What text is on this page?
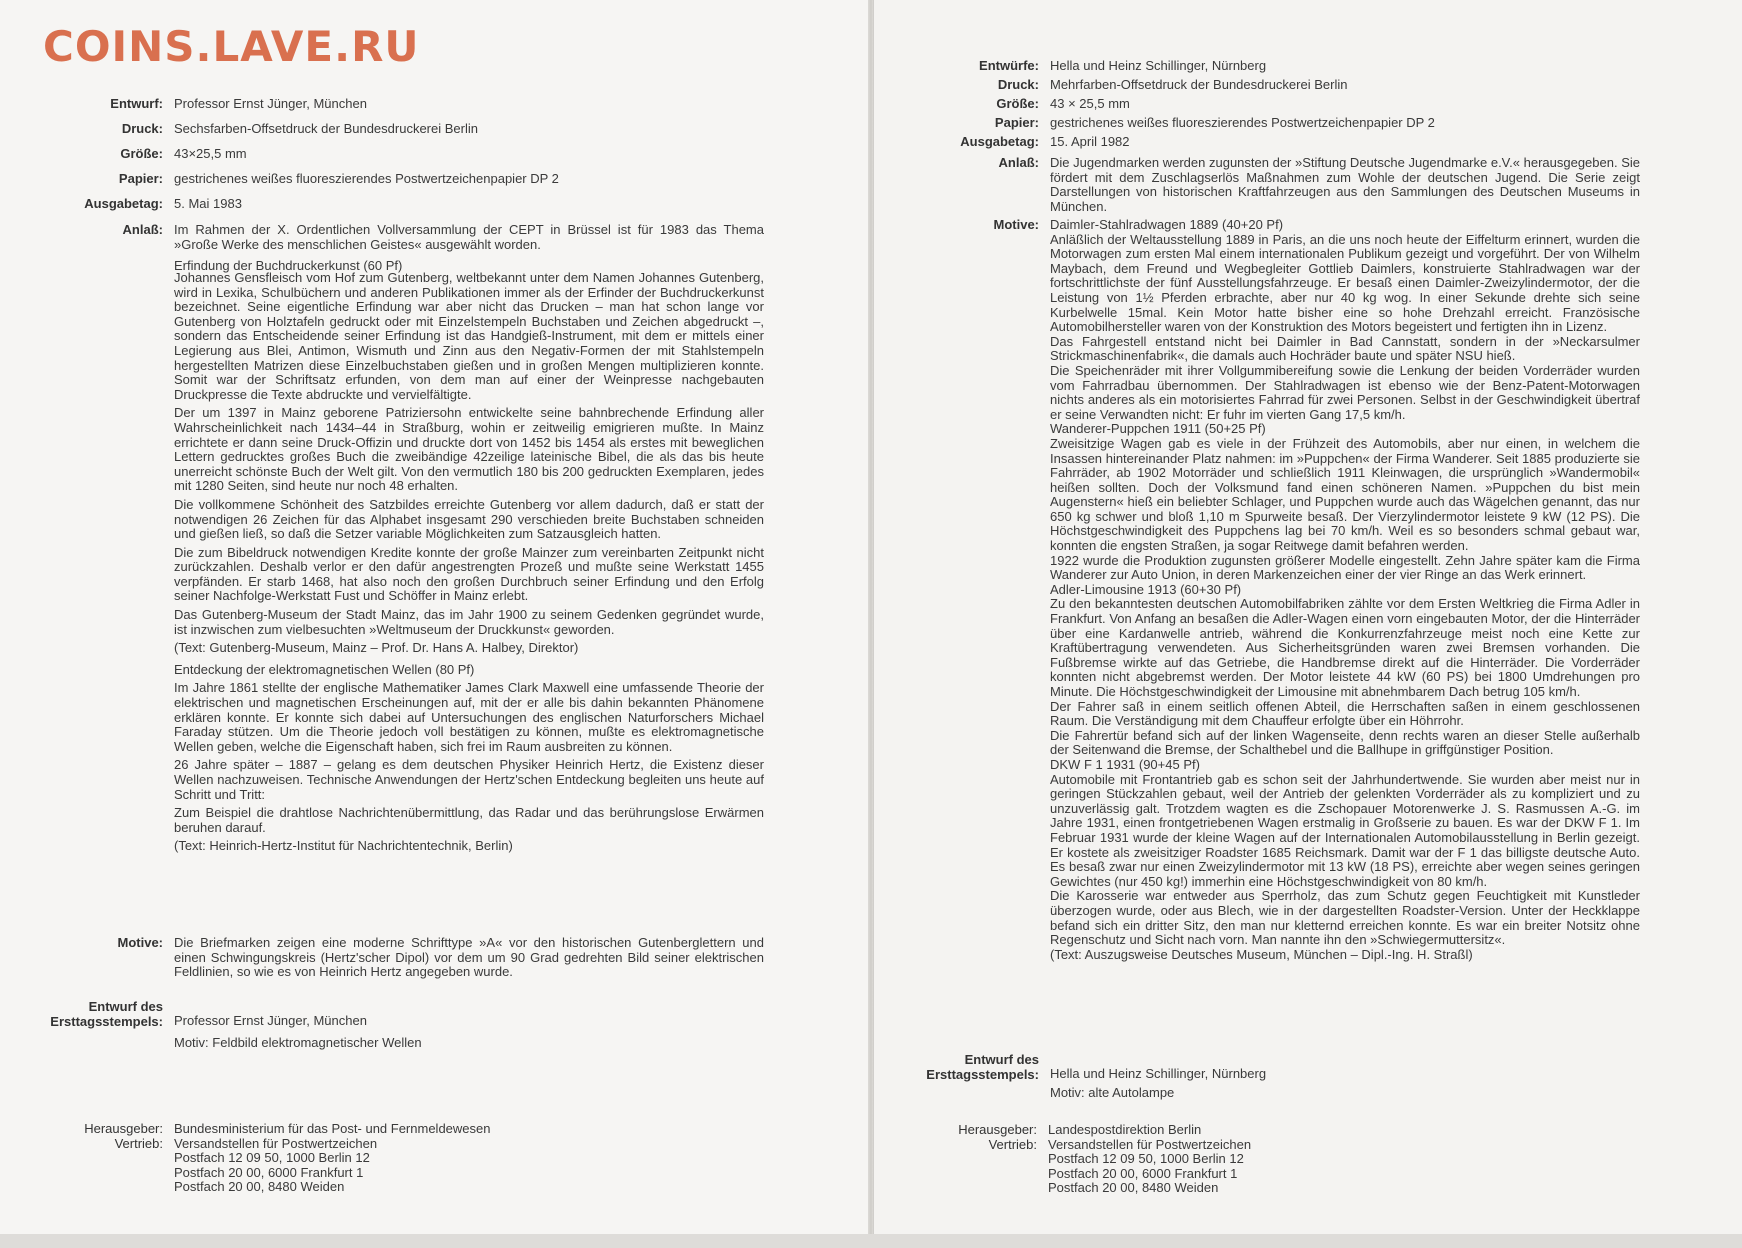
COINS.LAVE.RU
Entwurf: Professor Ernst Jünger, München
Druck: Sechsfarben-Offsetdruck der Bundesdruckerei Berlin
Größe: 43×25,5 mm
Papier: gestrichenes weißes fluoreszierendes Postwertzeichenpapier DP 2
Ausgabetag: 5. Mai 1983
Anlaß: Im Rahmen der X. Ordentlichen Vollversammlung der CEPT in Brüssel ist für 1983 das Thema »Große Werke des menschlichen Geistes« ausgewählt worden.

Erfindung der Buchdruckerkunst (60 Pf)

Johannes Gensfleisch vom Hof zum Gutenberg, weltbekannt unter dem Namen Johannes Gutenberg, wird in Lexika, Schulbüchern und anderen Publikationen immer als der Erfinder der Buchdruckerkunst bezeichnet. Seine eigentliche Erfindung war aber nicht das Drucken – man hat schon lange vor Gutenberg von Holztafeln gedruckt oder mit Einzelstempeln Buchstaben und Zeichen abgedruckt –, sondern das Entscheidende seiner Erfindung ist das Handgieß-Instrument, mit dem er mittels einer Legierung aus Blei, Antimon, Wismuth und Zinn aus den Negativ-Formen der mit Stahlstempeln hergestellten Matrizen diese Einzelbuchstaben gießen und in großen Mengen multiplizieren konnte. Somit war der Schriftsatz erfunden, von dem man auf einer der Weinpresse nachgebauten Druckpresse die Texte abdruckte und vervielfältigte.

Der um 1397 in Mainz geborene Patriziersohn entwickelte seine bahnbrechende Erfindung aller Wahrscheinlichkeit nach 1434–44 in Straßburg, wohin er zeitweilig emigrieren mußte. In Mainz errichtete er dann seine Druck-Offizin und druckte dort von 1452 bis 1454 als erstes mit beweglichen Lettern gedrucktes großes Buch die zweibändige 42zeilige lateinische Bibel, die als das bis heute unerreicht schönste Buch der Welt gilt. Von den vermutlich 180 bis 200 gedruckten Exemplaren, jedes mit 1280 Seiten, sind heute nur noch 48 erhalten.

Die vollkommene Schönheit des Satzbildes erreichte Gutenberg vor allem dadurch, daß er statt der notwendigen 26 Zeichen für das Alphabet insgesamt 290 verschieden breite Buchstaben schneiden und gießen ließ, so daß die Setzer variable Möglichkeiten zum Satzausgleich hatten.

Die zum Bibeldruck notwendigen Kredite konnte der große Mainzer zum vereinbarten Zeitpunkt nicht zurückzahlen. Deshalb verlor er den dafür angestrengten Prozeß und mußte seine Werkstatt 1455 verpfänden. Er starb 1468, hat also noch den großen Durchbruch seiner Erfindung und den Erfolg seiner Nachfolge-Werkstatt Fust und Schöffer in Mainz erlebt.

Das Gutenberg-Museum der Stadt Mainz, das im Jahr 1900 zu seinem Gedenken gegründet wurde, ist inzwischen zum vielbesuchten »Weltmuseum der Druckkunst« geworden.

(Text: Gutenberg-Museum, Mainz – Prof. Dr. Hans A. Halbey, Direktor)

Entdeckung der elektromagnetischen Wellen (80 Pf)

Im Jahre 1861 stellte der englische Mathematiker James Clark Maxwell eine umfassende Theorie der elektrischen und magnetischen Erscheinungen auf, mit der er alle bis dahin bekannten Phänomene erklären konnte. Er konnte sich dabei auf Untersuchungen des englischen Naturforschers Michael Faraday stützen. Um die Theorie jedoch voll bestätigen zu können, mußte es elektromagnetische Wellen geben, welche die Eigenschaft haben, sich frei im Raum ausbreiten zu können.

26 Jahre später – 1887 – gelang es dem deutschen Physiker Heinrich Hertz, die Existenz dieser Wellen nachzuweisen. Technische Anwendungen der Hertz'schen Entdeckung begleiten uns heute auf Schritt und Tritt:

Zum Beispiel die drahtlose Nachrichtenübermittlung, das Radar und das berührungslose Erwärmen beruhen darauf.

(Text: Heinrich-Hertz-Institut für Nachrichtentechnik, Berlin)

Motive: Die Briefmarken zeigen eine moderne Schrifttype »A« vor den historischen Gutenberglettern und einen Schwingungskreis (Hertz'scher Dipol) vor dem um 90 Grad gedrehten Bild seiner elektrischen Feldlinien, so wie es von Heinrich Hertz angegeben wurde.

Entwurf des
Ersttagsstempels: Professor Ernst Jünger, München

Motiv: Feldbild elektromagnetischer Wellen

Herausgeber: Bundesministerium für das Post- und Fernmeldewesen

Vertrieb: Versandstellen für Postwertzeichen

Postfach 12 09 50, 1000 Berlin 12

Postfach 20 00, 6000 Frankfurt 1

Postfach 20 00, 8480 Weiden

Entwürfe: Hella und Heinz Schillinger, Nürnberg
Druck: Mehrfarben-Offsetdruck der Bundesdruckerei Berlin
Größe: 43 × 25,5 mm
Papier: gestrichenes weißes fluoreszierendes Postwertzeichenpapier DP 2
Ausgabetag: 15. April 1982
Anlaß: Die Jugendmarken werden zugunsten der »Stiftung Deutsche Jugendmarke e.V.« herausgegeben. Sie fördert mit dem Zuschlagserlös Maßnahmen zum Wohle der deutschen Jugend. Die Serie zeigt Darstellungen von historischen Kraftfahrzeugen aus den Sammlungen des Deutschen Museums in München.

Motive: Daimler-Stahlradwagen 1889 (40+20 Pf)

Anläßlich der Weltausstellung 1889 in Paris, an die uns noch heute der Eiffelturm erinnert, wurden die Motorwagen zum ersten Mal einem internationalen Publikum gezeigt und vorgeführt. Der von Wilhelm Maybach, dem Freund und Wegbegleiter Gottlieb Daimlers, konstruierte Stahlradwagen war der fortschrittlichste der fünf Ausstellungsfahrzeuge. Er besaß einen Daimler-Zweizylindermotor, der die Leistung von 1½ Pferden erbrachte, aber nur 40 kg wog. In einer Sekunde drehte sich seine Kurbelwelle 15mal. Kein Motor hatte bisher eine so hohe Drehzahl erreicht. Französische Automobilhersteller waren von der Konstruktion des Motors begeistert und fertigten ihn in Lizenz.

Das Fahrgestell entstand nicht bei Daimler in Bad Cannstatt, sondern in der »Neckarsulmer Strickmaschinenfabrik«, die damals auch Hochräder baute und später NSU hieß.

Die Speichenräder mit ihrer Vollgummibereifung sowie die Lenkung der beiden Vorderräder wurden vom Fahrradbau übernommen. Der Stahlradwagen ist ebenso wie der Benz-Patent-Motorwagen nichts anderes als ein motorisiertes Fahrrad für zwei Personen. Selbst in der Geschwindigkeit übertraf er seine Verwandten nicht: Er fuhr im vierten Gang 17,5 km/h.

Wanderer-Puppchen 1911 (50+25 Pf)

Zweisitzige Wagen gab es viele in der Frühzeit des Automobils, aber nur einen, in welchem die Insassen hintereinander Platz nahmen: im »Puppchen« der Firma Wanderer. Seit 1885 produzierte sie Fahrräder, ab 1902 Motorräder und schließlich 1911 Kleinwagen, die ursprünglich »Wandermobil« heißen sollten. Doch der Volksmund fand einen schöneren Namen. »Puppchen du bist mein Augenstern« hieß ein beliebter Schlager, und Puppchen wurde auch das Wägelchen genannt, das nur 650 kg schwer und bloß 1,10 m Spurweite besaß. Der Vierzylindermotor leistete 9 kW (12 PS). Die Höchstgeschwindigkeit des Puppchens lag bei 70 km/h. Weil es so besonders schmal gebaut war, konnten die engsten Straßen, ja sogar Reitwege damit befahren werden.

1922 wurde die Produktion zugunsten größerer Modelle eingestellt. Zehn Jahre später kam die Firma Wanderer zur Auto Union, in deren Markenzeichen einer der vier Ringe an das Werk erinnert.

Adler-Limousine 1913 (60+30 Pf)

Zu den bekanntesten deutschen Automobilfabriken zählte vor dem Ersten Weltkrieg die Firma Adler in Frankfurt. Von Anfang an besaßen die Adler-Wagen einen vorn eingebauten Motor, der die Hinterräder über eine Kardanwelle antrieb, während die Konkurrenzfahrzeuge meist noch eine Kette zur Kraftübertragung verwendeten. Aus Sicherheitsgründen waren zwei Bremsen vorhanden. Die Fußbremse wirkte auf das Getriebe, die Handbremse direkt auf die Hinterräder. Die Vorderräder konnten nicht abgebremst werden. Der Motor leistete 44 kW (60 PS) bei 1800 Umdrehungen pro Minute. Die Höchstgeschwindigkeit der Limousine mit abnehmbarem Dach betrug 105 km/h.

Der Fahrer saß in einem seitlich offenen Abteil, die Herrschaften saßen in einem geschlossenen Raum. Die Verständigung mit dem Chauffeur erfolgte über ein Höhrrohr.

Die Fahrertür befand sich auf der linken Wagenseite, denn rechts waren an dieser Stelle außerhalb der Seitenwand die Bremse, der Schalthebel und die Ballhupe in griffgünstiger Position.

DKW F 1 1931 (90+45 Pf)

Automobile mit Frontantrieb gab es schon seit der Jahrhundertwende. Sie wurden aber meist nur in geringen Stückzahlen gebaut, weil der Antrieb der gelenkten Vorderräder als zu kompliziert und zu unzuverlässig galt. Trotzdem wagten es die Zschopauer Motorenwerke J. S. Rasmussen A.-G. im Jahre 1931, einen frontgetriebenen Wagen erstmalig in Großserie zu bauen. Es war der DKW F 1. Im Februar 1931 wurde der kleine Wagen auf der Internationalen Automobilausstellung in Berlin gezeigt. Er kostete als zweisitziger Roadster 1685 Reichsmark. Damit war der F 1 das billigste deutsche Auto. Es besaß zwar nur einen Zweizylindermotor mit 13 kW (18 PS), erreichte aber wegen seines geringen Gewichtes (nur 450 kg!) immerhin eine Höchstgeschwindigkeit von 80 km/h.

Die Karosserie war entweder aus Sperrholz, das zum Schutz gegen Feuchtigkeit mit Kunstleder überzogen wurde, oder aus Blech, wie in der dargestellten Roadster-Version. Unter der Heckklappe befand sich ein dritter Sitz, den man nur kletternd erreichen konnte. Es war ein breiter Notsitz ohne Regenschutz und Sicht nach vorn. Man nannte ihn den »Schwiegermuttersitz«.

(Text: Auszugsweise Deutsches Museum, München – Dipl.-Ing. H. Straßl)

Entwurf des
Ersttagsstempels: Hella und Heinz Schillinger, Nürnberg

Motiv: alte Autolampe

Herausgeber: Landespostdirektion Berlin

Vertrieb: Versandstellen für Postwertzeichen

Postfach 12 09 50, 1000 Berlin 12

Postfach 20 00, 6000 Frankfurt 1

Postfach 20 00, 8480 Weiden
